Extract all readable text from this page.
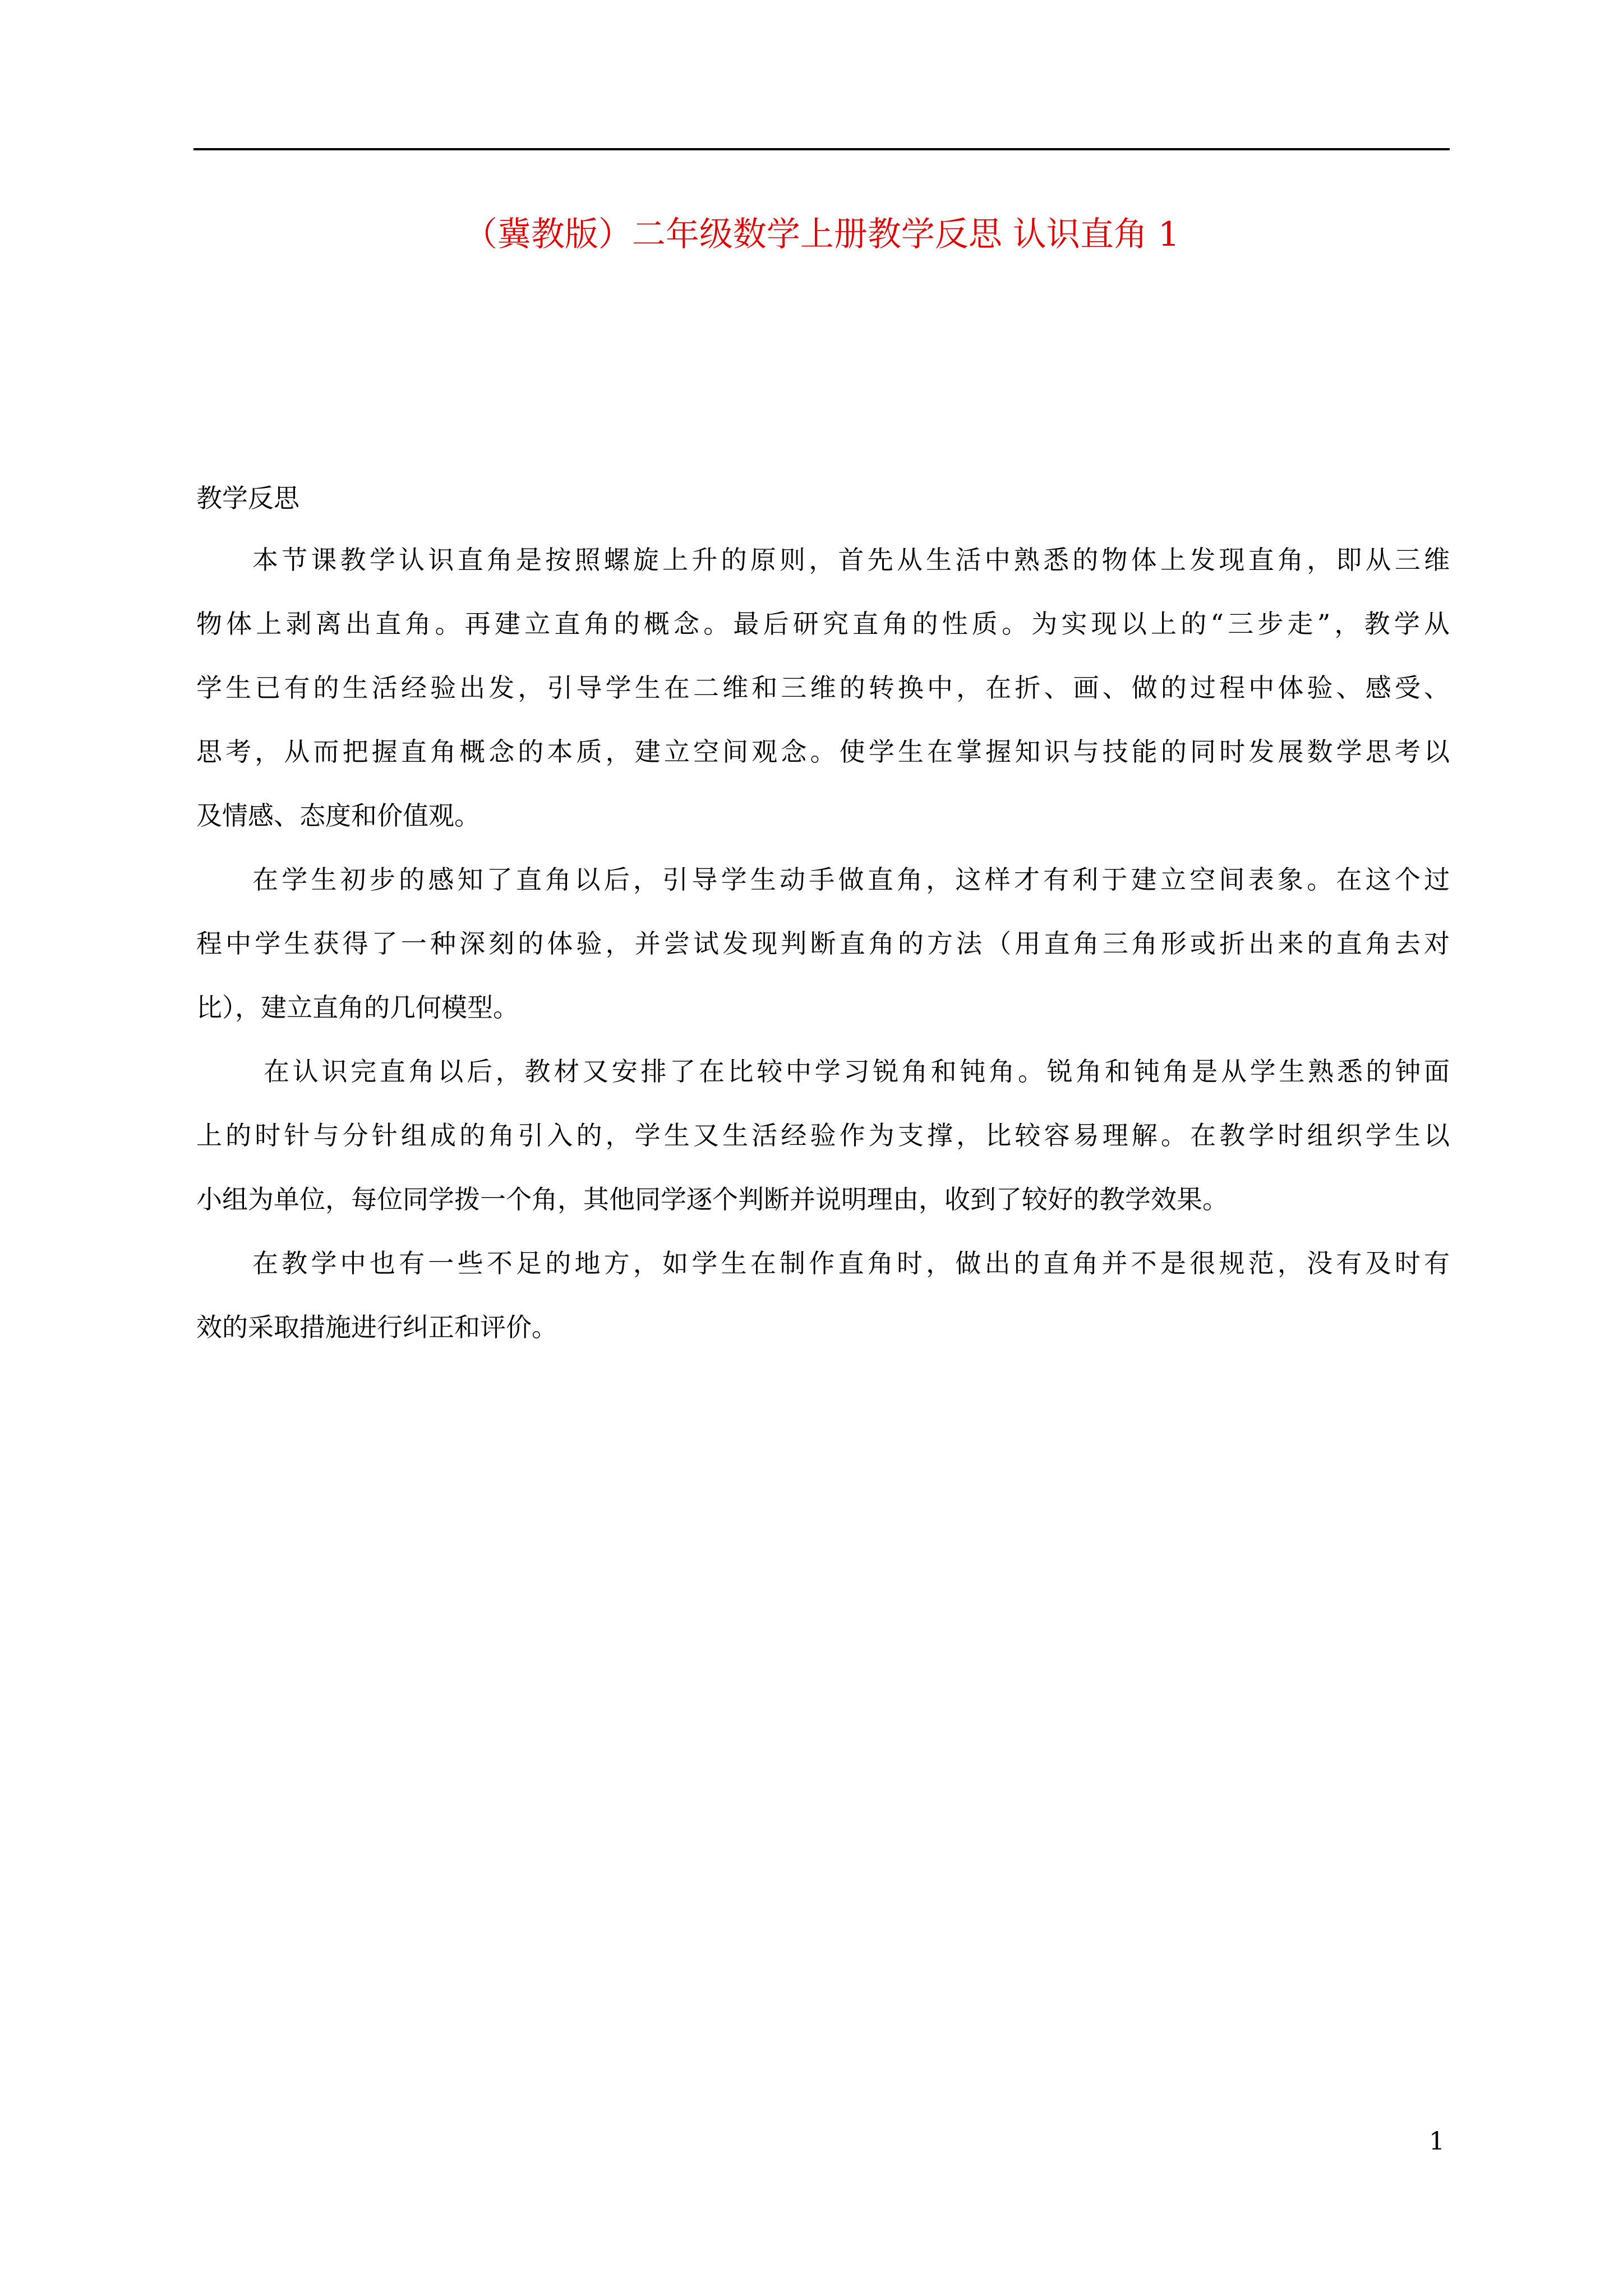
（冀教版）二年级数学上册教学反思 认识直角 1
教学反思
本节课教学认识直角是按照螺旋上升的原则，首先从生活中熟悉的物体上发现直角，即从三维
物体上剥离出直角。再建立直角的概念。最后研究直角的性质。为实现以上的“三步走”，教学从
学生已有的生活经验出发，引导学生在二维和三维的转换中，在折、画、做的过程中体验、感受、
思考，从而把握直角概念的本质，建立空间观念。使学生在掌握知识与技能的同时发展数学思考以
及情感、态度和价值观。
在学生初步的感知了直角以后，引导学生动手做直角，这样才有利于建立空间表象。在这个过
程中学生获得了一种深刻的体验，并尝试发现判断直角的方法（用直角三角形或折出来的直角去对
比），建立直角的几何模型。
在认识完直角以后，教材又安排了在比较中学习锐角和钝角。锐角和钝角是从学生熟悉的钟面
上的时针与分针组成的角引入的，学生又生活经验作为支撑，比较容易理解。在教学时组织学生以
小组为单位，每位同学拨一个角，其他同学逐个判断并说明理由，收到了较好的教学效果。
在教学中也有一些不足的地方，如学生在制作直角时，做出的直角并不是很规范，没有及时有
效的采取措施进行纠正和评价。
1
